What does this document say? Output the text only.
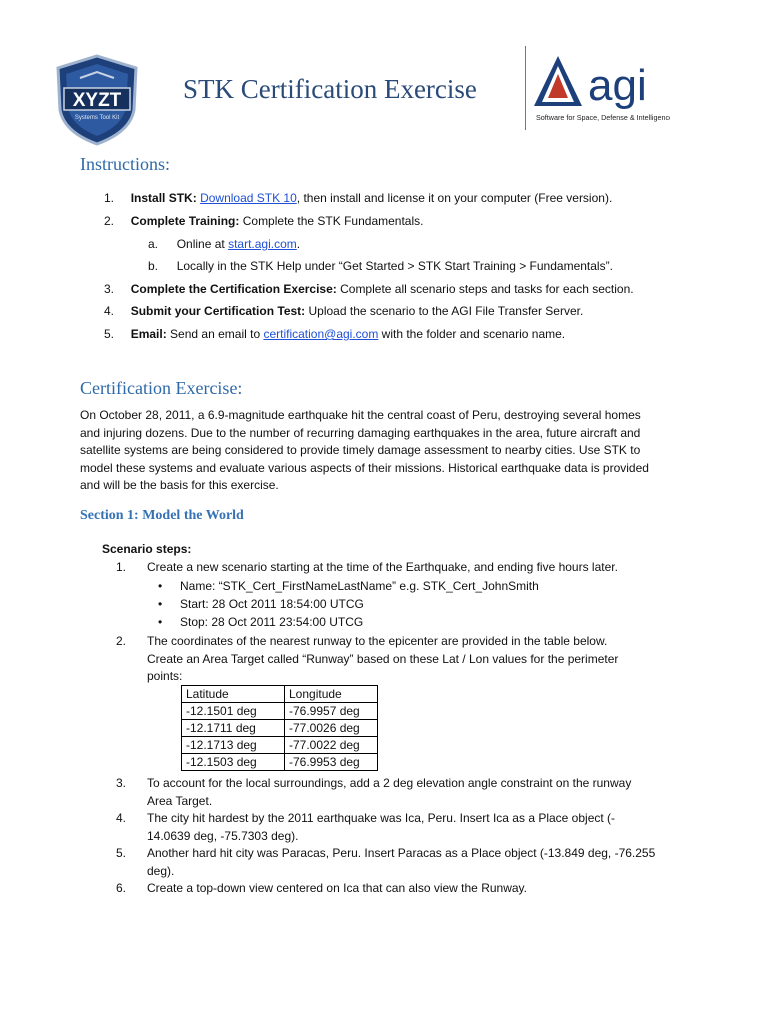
XYZT
Systems Tool Kit
STK Certification Exercise	agi
Software for Space, Defense & Intelligence
Instructions:
1. Install STK: Download STK 10, then install and license it on your computer (Free version).
2. Complete Training: Complete the STK Fundamentals.
a. Online at start.agi.com.
b. Locally in the STK Help under “Get Started > STK Start Training > Fundamentals”.
3. Complete the Certification Exercise: Complete all scenario steps and tasks for each section.
4. Submit your Certification Test: Upload the scenario to the AGI File Transfer Server.
5. Email: Send an email to certification@agi.com with the folder and scenario name.
Certification Exercise:
On October 28, 2011, a 6.9-magnitude earthquake hit the central coast of Peru, destroying several homes
and injuring dozens. Due to the number of recurring damaging earthquakes in the area, future aircraft and
satellite systems are being considered to provide timely damage assessment to nearby cities. Use STK to
model these systems and evaluate various aspects of their missions. Historical earthquake data is provided
and will be the basis for this exercise.
Section 1: Model the World
Scenario steps:
1. Create a new scenario starting at the time of the Earthquake, and ending five hours later.
• Name: “STK_Cert_FirstNameLastName” e.g. STK_Cert_JohnSmith
• Start: 28 Oct 2011 18:54:00 UTCG
• Stop: 28 Oct 2011 23:54:00 UTCG
2. The coordinates of the nearest runway to the epicenter are provided in the table below.
Create an Area Target called “Runway” based on these Lat / Lon values for the perimeter
points:
Latitude	Longitude
-12.1501 deg	-76.9957 deg
-12.1711 deg	-77.0026 deg
-12.1713 deg	-77.0022 deg
-12.1503 deg	-76.9953 deg
3. To account for the local surroundings, add a 2 deg elevation angle constraint on the runway
Area Target.
4. The city hit hardest by the 2011 earthquake was Ica, Peru. Insert Ica as a Place object (-
14.0639 deg, -75.7303 deg).
5. Another hard hit city was Paracas, Peru. Insert Paracas as a Place object (-13.849 deg, -76.255
deg).
6. Create a top-down view centered on Ica that can also view the Runway.
